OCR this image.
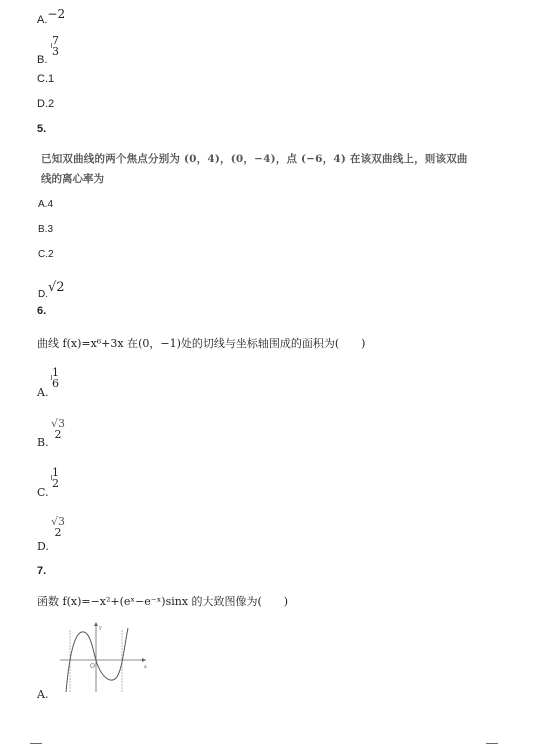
A.−2
B.
7
3
C.1
D.2
5.
已知双曲线的两个焦点分别为 (0，4)，(0，−4)，点 (−6，4) 在该双曲线上，则该双曲
线的离心率为
A.4
B.3
C.2
$_{D.}$√2
6.
曲线 f(x)=x⁶+3x 在(0，−1)处的切线与坐标轴围成的面积为(　　)
A.
1
6
B.
√3
2
C.
1
2
D.
√3
2
7.
函数 f(x)=−x²+(eˣ−e⁻ˣ)sinx 的大致图像为(　　)
y
x
O
A.
